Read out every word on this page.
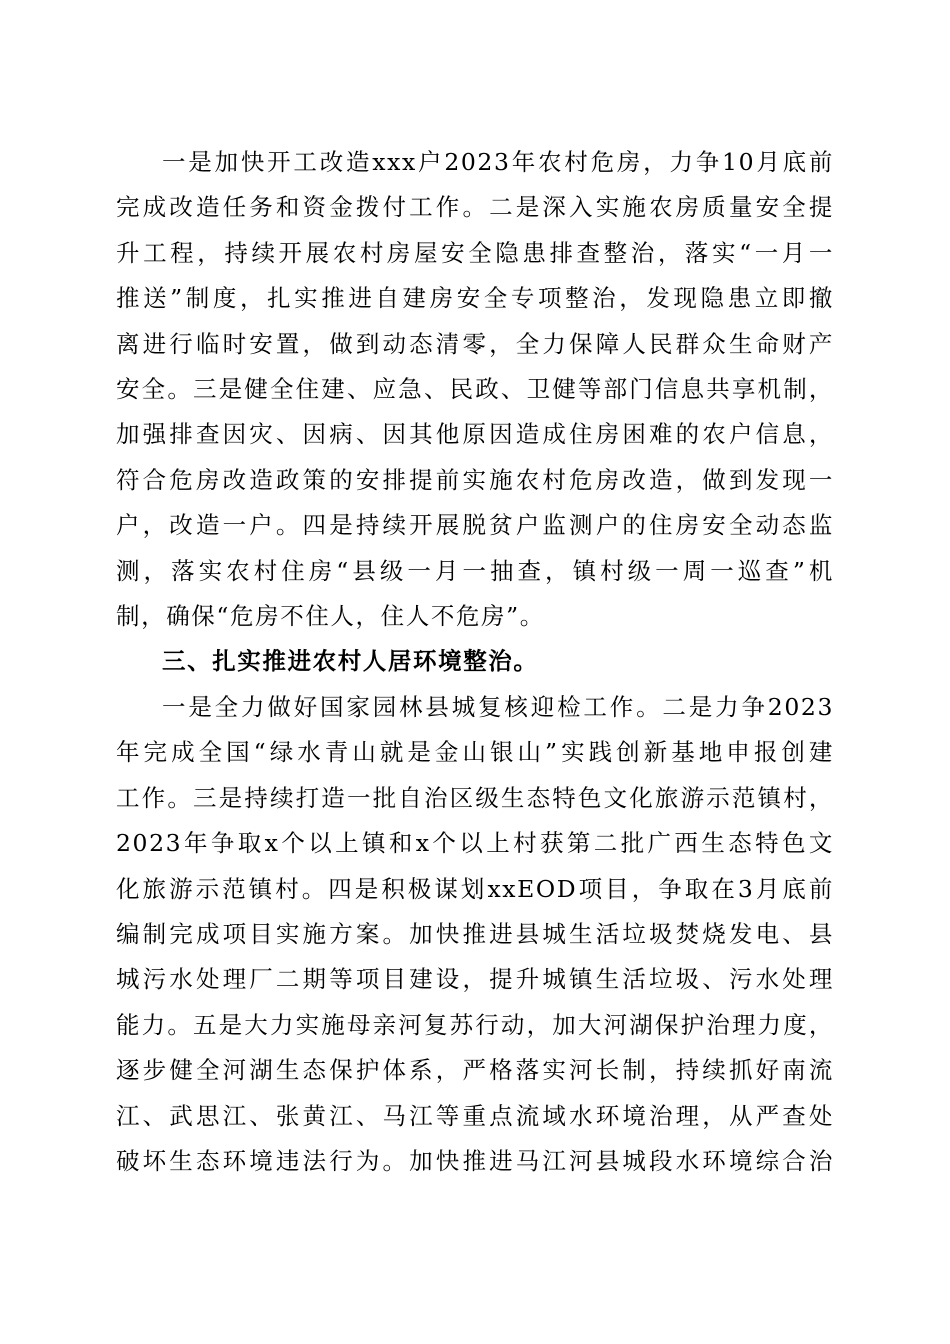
一是加快开工改造xxx户2023年农村危房，力争10月底前
完成改造任务和资金拨付工作。二是深入实施农房质量安全提
升工程，持续开展农村房屋安全隐患排查整治，落实“一月一
推送”制度，扎实推进自建房安全专项整治，发现隐患立即撤
离进行临时安置，做到动态清零，全力保障人民群众生命财产
安全。三是健全住建、应急、民政、卫健等部门信息共享机制，
加强排查因灾、因病、因其他原因造成住房困难的农户信息，
符合危房改造政策的安排提前实施农村危房改造，做到发现一
户，改造一户。四是持续开展脱贫户监测户的住房安全动态监
测，落实农村住房“县级一月一抽查，镇村级一周一巡查”机
制，确保“危房不住人，住人不危房”。
三、扎实推进农村人居环境整治。
一是全力做好国家园林县城复核迎检工作。二是力争2023
年完成全国“绿水青山就是金山银山”实践创新基地申报创建
工作。三是持续打造一批自治区级生态特色文化旅游示范镇村，
2023年争取x个以上镇和x个以上村获第二批广西生态特色文
化旅游示范镇村。四是积极谋划xxEOD项目，争取在3月底前
编制完成项目实施方案。加快推进县城生活垃圾焚烧发电、县
城污水处理厂二期等项目建设，提升城镇生活垃圾、污水处理
能力。五是大力实施母亲河复苏行动，加大河湖保护治理力度，
逐步健全河湖生态保护体系，严格落实河长制，持续抓好南流
江、武思江、张黄江、马江等重点流域水环境治理，从严查处
破坏生态环境违法行为。加快推进马江河县城段水环境综合治
